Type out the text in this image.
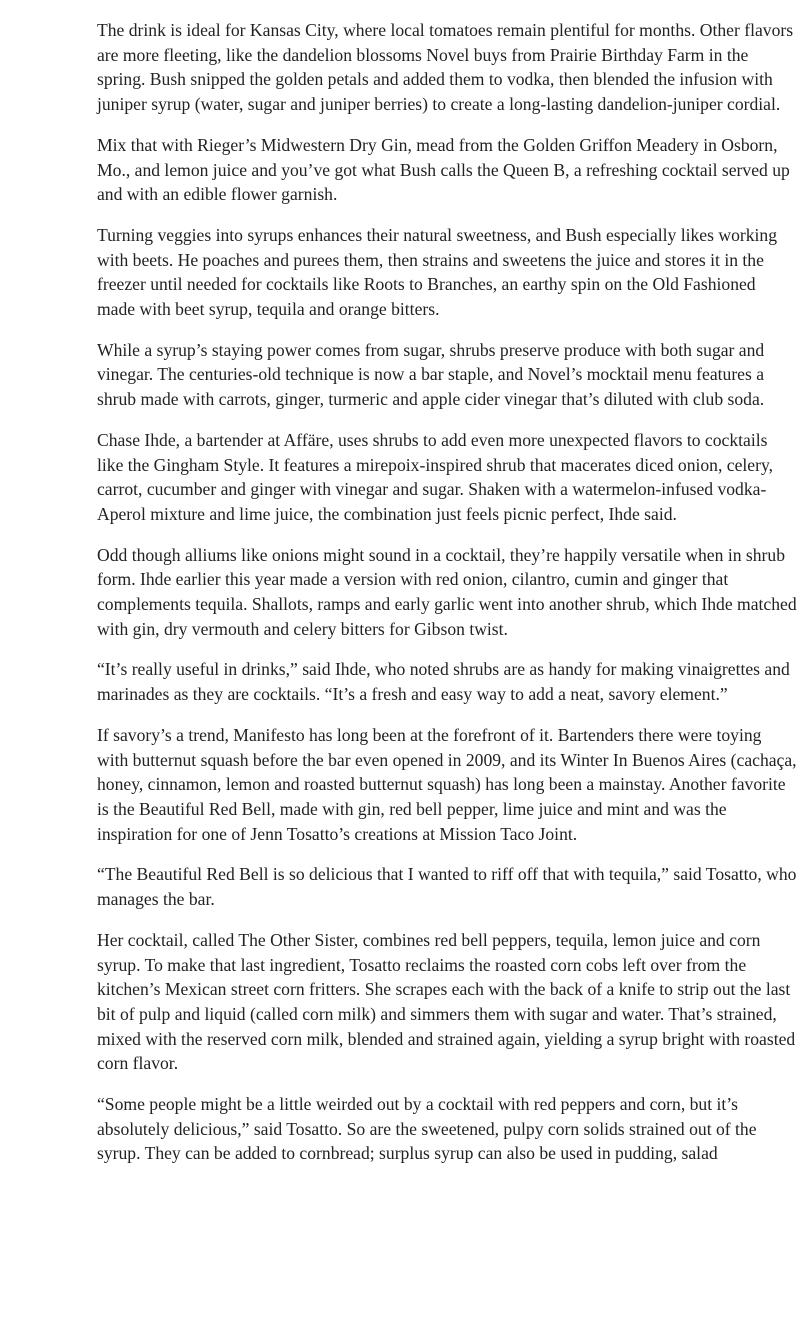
The drink is ideal for Kansas City, where local tomatoes remain plentiful for months. Other flavors are more fleeting, like the dandelion blossoms Novel buys from Prairie Birthday Farm in the spring. Bush snipped the golden petals and added them to vodka, then blended the infusion with juniper syrup (water, sugar and juniper berries) to create a long-lasting dandelion-juniper cordial.

Mix that with Rieger’s Midwestern Dry Gin, mead from the Golden Griffon Meadery in Osborn, Mo., and lemon juice and you’ve got what Bush calls the Queen B, a refreshing cocktail served up and with an edible flower garnish.

Turning veggies into syrups enhances their natural sweetness, and Bush especially likes working with beets. He poaches and purees them, then strains and sweetens the juice and stores it in the freezer until needed for cocktails like Roots to Branches, an earthy spin on the Old Fashioned made with beet syrup, tequila and orange bitters.

While a syrup’s staying power comes from sugar, shrubs preserve produce with both sugar and vinegar. The centuries-old technique is now a bar staple, and Novel’s mocktail menu features a shrub made with carrots, ginger, turmeric and apple cider vinegar that’s diluted with club soda.

Chase Ihde, a bartender at Affäre, uses shrubs to add even more unexpected flavors to cocktails like the Gingham Style. It features a mirepoix-inspired shrub that macerates diced onion, celery, carrot, cucumber and ginger with vinegar and sugar. Shaken with a watermelon-infused vodka-Aperol mixture and lime juice, the combination just feels picnic perfect, Ihde said.

Odd though alliums like onions might sound in a cocktail, they’re happily versatile when in shrub form. Ihde earlier this year made a version with red onion, cilantro, cumin and ginger that complements tequila. Shallots, ramps and early garlic went into another shrub, which Ihde matched with gin, dry vermouth and celery bitters for Gibson twist.

“It’s really useful in drinks,” said Ihde, who noted shrubs are as handy for making vinaigrettes and marinades as they are cocktails. “It’s a fresh and easy way to add a neat, savory element.”

If savory’s a trend, Manifesto has long been at the forefront of it. Bartenders there were toying with butternut squash before the bar even opened in 2009, and its Winter In Buenos Aires (cachaça, honey, cinnamon, lemon and roasted butternut squash) has long been a mainstay. Another favorite is the Beautiful Red Bell, made with gin, red bell pepper, lime juice and mint and was the inspiration for one of Jenn Tosatto’s creations at Mission Taco Joint.

“The Beautiful Red Bell is so delicious that I wanted to riff off that with tequila,” said Tosatto, who manages the bar.

Her cocktail, called The Other Sister, combines red bell peppers, tequila, lemon juice and corn syrup. To make that last ingredient, Tosatto reclaims the roasted corn cobs left over from the kitchen’s Mexican street corn fritters. She scrapes each with the back of a knife to strip out the last bit of pulp and liquid (called corn milk) and simmers them with sugar and water. That’s strained, mixed with the reserved corn milk, blended and strained again, yielding a syrup bright with roasted corn flavor.

“Some people might be a little weirded out by a cocktail with red peppers and corn, but it’s absolutely delicious,” said Tosatto. So are the sweetened, pulpy corn solids strained out of the syrup. They can be added to cornbread; surplus syrup can also be used in pudding, salad
